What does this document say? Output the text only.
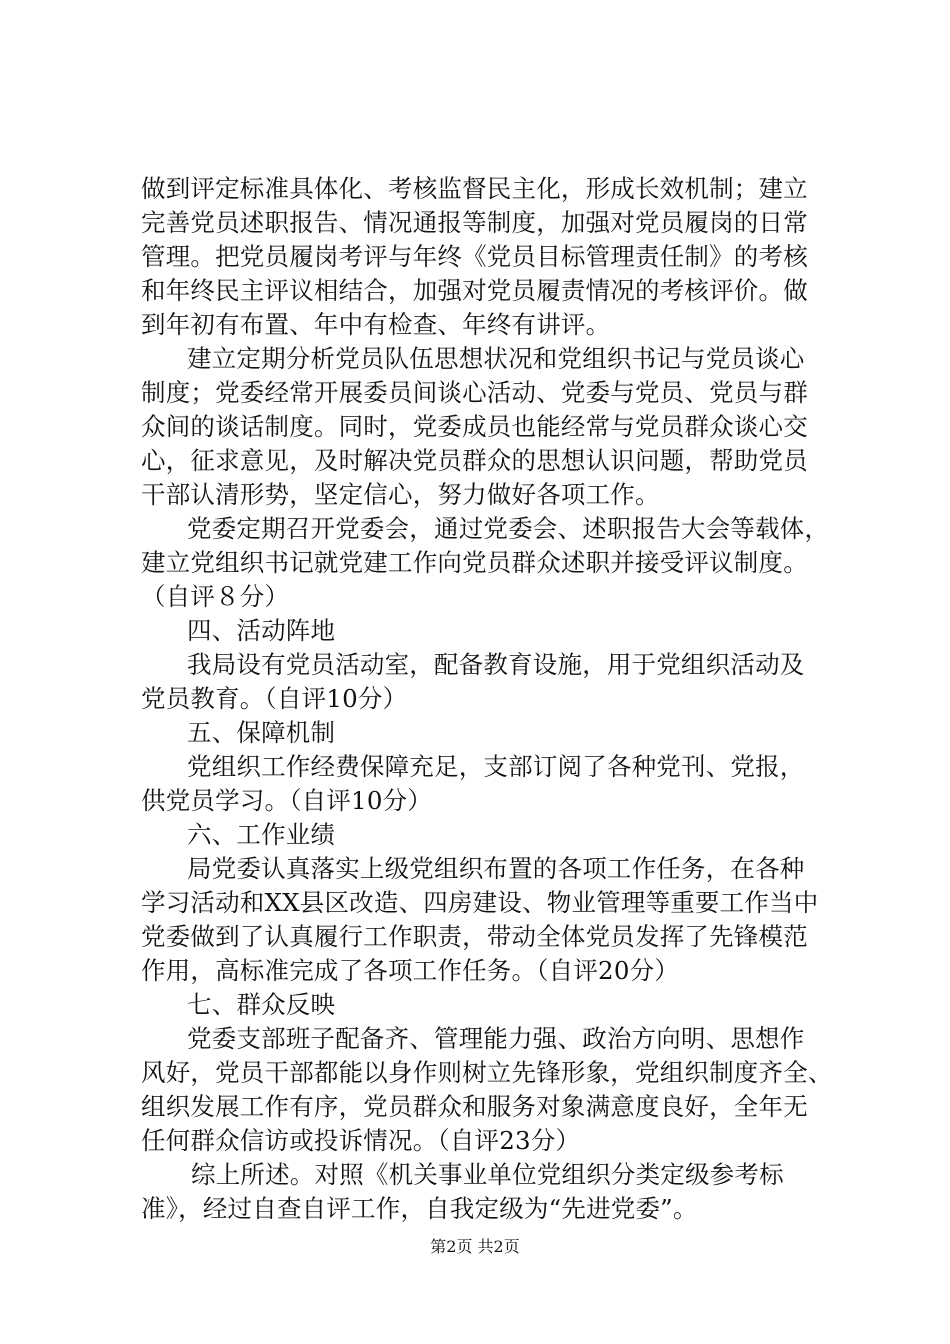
做到评定标准具体化、考核监督民主化，形成长效机制；建立
完善党员述职报告、情况通报等制度，加强对党员履岗的日常
管理。把党员履岗考评与年终《党员目标管理责任制》的考核
和年终民主评议相结合，加强对党员履责情况的考核评价。做
到年初有布置、年中有检查、年终有讲评。
建立定期分析党员队伍思想状况和党组织书记与党员谈心
制度；党委经常开展委员间谈心活动、党委与党员、党员与群
众间的谈话制度。同时，党委成员也能经常与党员群众谈心交
心，征求意见，及时解决党员群众的思想认识问题，帮助党员
干部认清形势，坚定信心，努力做好各项工作。
党委定期召开党委会，通过党委会、述职报告大会等载体，
建立党组织书记就党建工作向党员群众述职并接受评议制度。
（自评８分）
四、活动阵地
我局设有党员活动室，配备教育设施，用于党组织活动及
党员教育。（自评10分）
五、保障机制
党组织工作经费保障充足，支部订阅了各种党刊、党报，
供党员学习。（自评10分）
六、工作业绩
局党委认真落实上级党组织布置的各项工作任务，在各种
学习活动和XX县区改造、四房建设、物业管理等重要工作当中
党委做到了认真履行工作职责，带动全体党员发挥了先锋模范
作用，高标准完成了各项工作任务。（自评20分）
七、群众反映
党委支部班子配备齐、管理能力强、政治方向明、思想作
风好，党员干部都能以身作则树立先锋形象，党组织制度齐全、
组织发展工作有序，党员群众和服务对象满意度良好，全年无
任何群众信访或投诉情况。（自评23分）
综上所述。对照《机关事业单位党组织分类定级参考标
准》，经过自查自评工作，自我定级为“先进党委”。
第2页 共2页
